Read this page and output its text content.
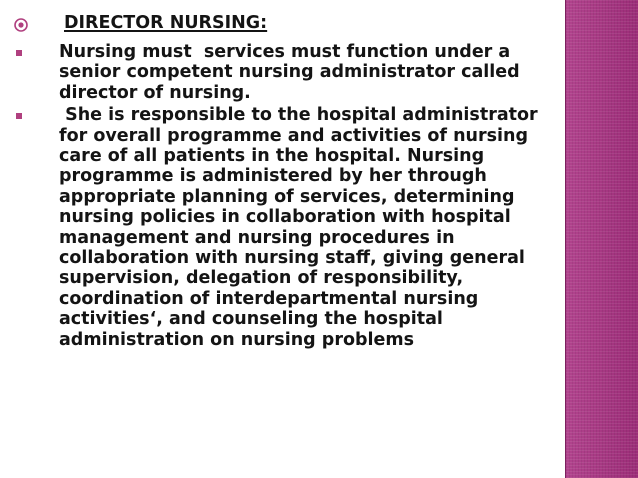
DIRECTOR NURSING:
Nursing must  services must function under a senior competent nursing administrator called director of nursing.
She is responsible to the hospital administrator for overall programme and activities of nursing care of all patients in the hospital. Nursing programme is administered by her through appropriate planning of services, determining nursing policies in collaboration with hospital management and nursing procedures in collaboration with nursing staff, giving general supervision, delegation of responsibility, coordination of interdepartmental nursing activities‘, and counseling the hospital administration on nursing problems
